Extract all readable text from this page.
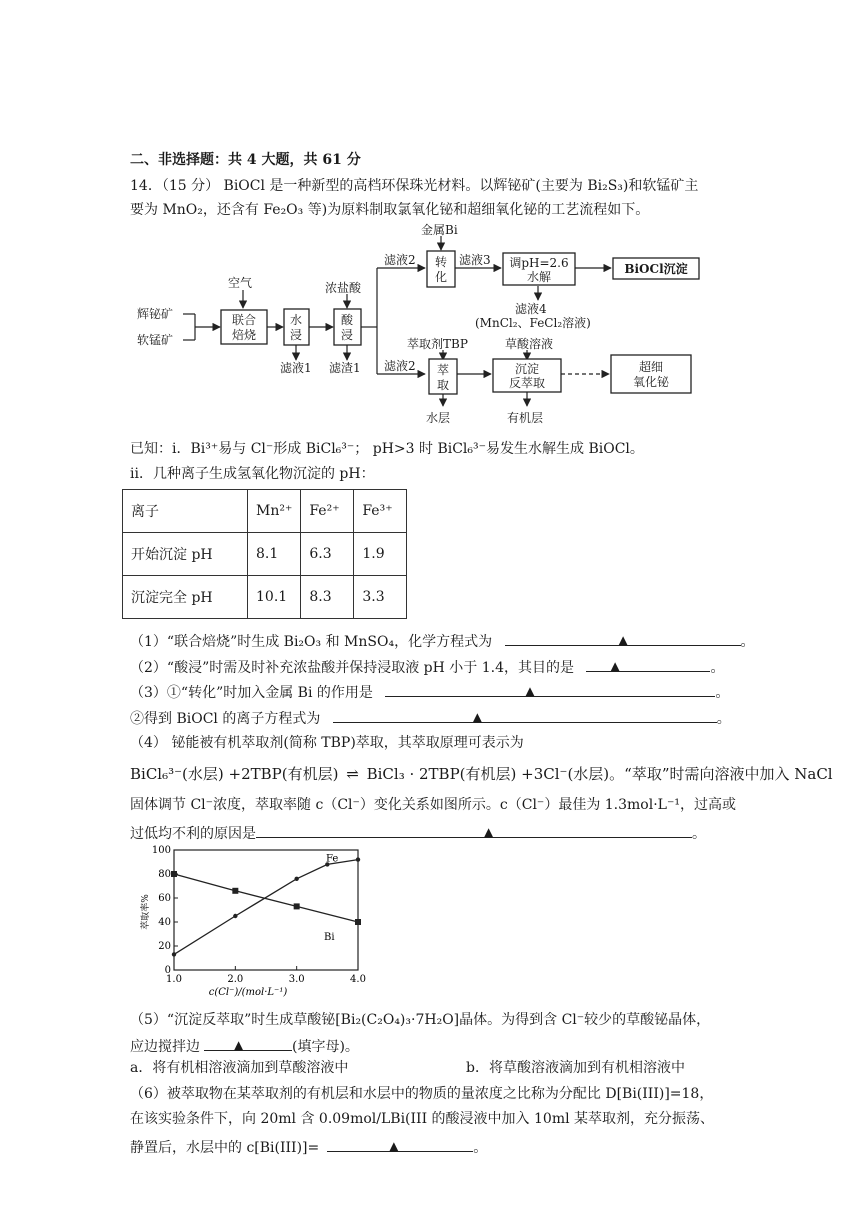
二、非选择题：共 4 大题，共 61 分
14．（15 分） BiOCl 是一种新型的高档环保珠光材料。以辉铋矿(主要为 Bi₂S₃)和软锰矿主
要为 MnO₂，还含有 Fe₂O₃ 等)为原料制取氯氧化铋和超细氧化铋的工艺流程如下。
辉铋矿
软锰矿
空气
联合
焙烧
水
浸
滤液1
浓盐酸
酸
浸
滤渣1
滤液2
滤液2
金属Bi
转
化
滤液3 调pH=2.6
水解
BiOCl沉淀
滤液4
(MnCl₂、FeCl₂溶液)
萃取剂TBP
萃
取
水层
草酸溶液
沉淀
反萃取
有机层
超细
氧化铋
已知：i．Bi³⁺易与 Cl⁻形成 BiCl₆³⁻； pH>3 时 BiCl₆³⁻易发生水解生成 BiOCl。
ii．几种离子生成氢氧化物沉淀的 pH：
离子	Mn²⁺	Fe²⁺	Fe³⁺
开始沉淀 pH	8.1	6.3	1.9
沉淀完全 pH	10.1	8.3	3.3
（1）“联合焙烧”时生成 Bi₂O₃ 和 MnSO₄，化学方程式为	▲	。
（2）“酸浸”时需及时补充浓盐酸并保持浸取液 pH 小于 1.4，其目的是	▲	。
（3）①“转化”时加入金属 Bi 的作用是	▲	。
②得到 BiOCl 的离子方程式为	▲	。
（4） 铋能被有机萃取剂(简称 TBP)萃取，其萃取原理可表示为
BiCl₆³⁻(水层) +2TBP(有机层) ⇌ BiCl₃ · 2TBP(有机层) +3Cl⁻(水层)。“萃取”时需向溶液中加入 NaCl
固体调节 Cl⁻浓度，萃取率随 c（Cl⁻）变化关系如图所示。c（Cl⁻）最佳为 1.3mol·L⁻¹，过高或
过低均不利的原因是	▲	。
0
20
40
60
80
100
1.0	2.0	3.0	4.0
Fe
Bi
萃取率%
c(Cl⁻)/(mol·L⁻¹)
（5）“沉淀反萃取”时生成草酸铋[Bi₂(C₂O₄)₃·7H₂O]晶体。为得到含 Cl⁻较少的草酸铋晶体，
应边搅拌边	▲	(填字母)。
a．将有机相溶液滴加到草酸溶液中	b．将草酸溶液滴加到有机相溶液中
（6）被萃取物在某萃取剂的有机层和水层中的物质的量浓度之比称为分配比 D[Bi(III)]=18，
在该实验条件下，向 20ml 含 0.09mol/LBi(III 的酸浸液中加入 10ml 某萃取剂，充分振荡、
静置后，水层中的 c[Bi(III)]=	▲	。
